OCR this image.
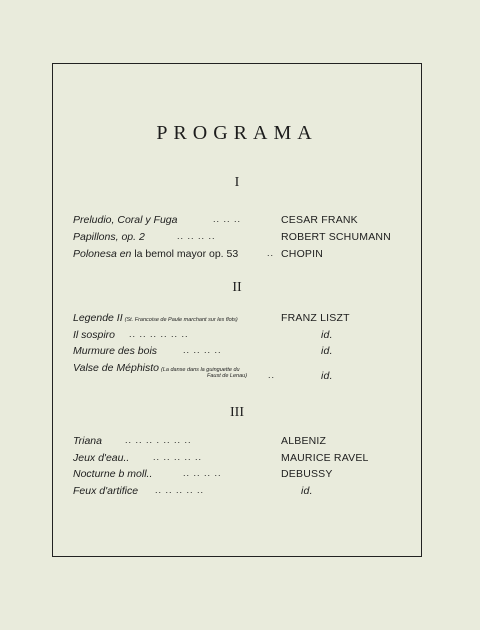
PROGRAMA
I
Preludio, Coral y Fuga	.. .. ..	CESAR FRANK
Papillons, op. 2	.. .. .. ..	ROBERT SCHUMANN
Polonesa en la bemol mayor op. 53	.. CHOPIN
II
Legende II (St. Francoise de Paule marchant sur les flots)	FRANZ LISZT
Il sospiro .. .. .. .. .. ..	id.
Murmure des bois	.. .. .. ..	id.
Valse de Méphisto (La danse dans la guinguette du	..	id.
Faust de Lenau)
III
Triana	.. .. .. . .. .. ..	ALBENIZ
Jeux d'eau..	.. .. .. .. ..	MAURICE RAVEL
Nocturne b moll..	.. .. .. ..	DEBUSSY
Feux d'artifice .. .. .. .. ..	id.
